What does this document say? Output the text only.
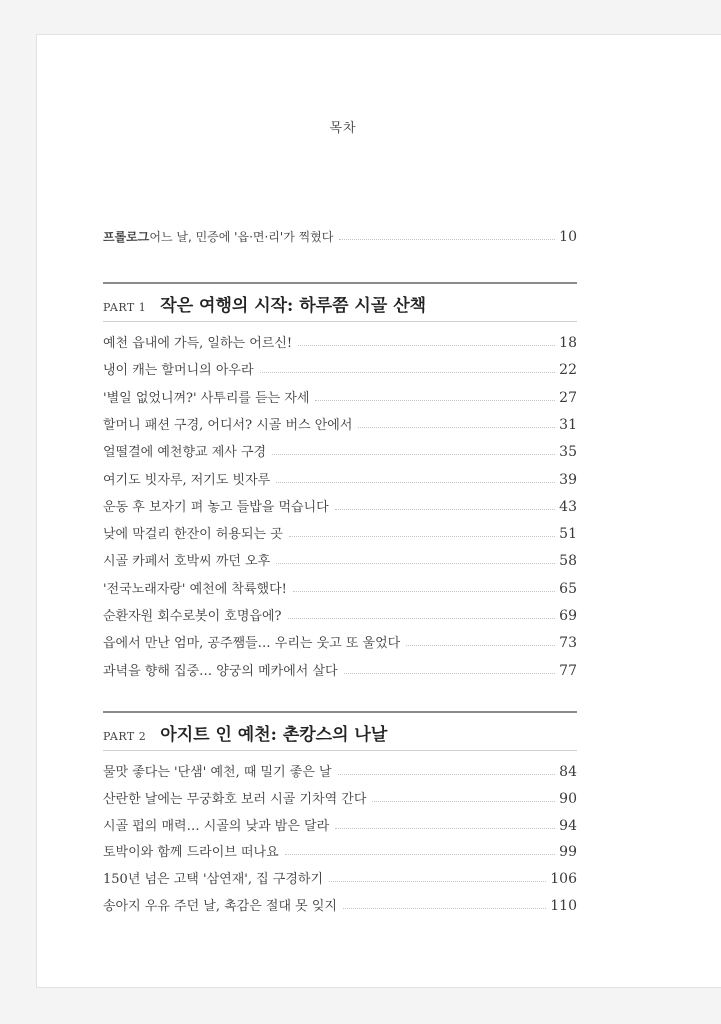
목차
프롤로그 어느 날, 민증에 '읍·면·리'가 찍혔다	10
PART 1 작은 여행의 시작: 하루쯤 시골 산책
예천 읍내에 가득, 일하는 어르신!	18
냉이 캐는 할머니의 아우라	22
'별일 없었니껴?' 사투리를 듣는 자세	27
할머니 패션 구경, 어디서? 시골 버스 안에서	31
얼떨결에 예천향교 제사 구경	35
여기도 빗자루, 저기도 빗자루	39
운동 후 보자기 펴 놓고 들밥을 먹습니다	43
낮에 막걸리 한잔이 허용되는 곳	51
시골 카페서 호박씨 까던 오후	58
'전국노래자랑' 예천에 착륙했다!	65
순환자원 회수로봇이 호명읍에?	69
읍에서 만난 엄마, 공주쨈들… 우리는 웃고 또 울었다	73
과녁을 향해 집중… 양궁의 메카에서 살다	77
PART 2 아지트 인 예천: 촌캉스의 나날
물맛 좋다는 '단샘' 예천, 때 밀기 좋은 날	84
산란한 날에는 무궁화호 보러 시골 기차역 간다	90
시골 펍의 매력… 시골의 낮과 밤은 달라	94
토박이와 함께 드라이브 떠나요	99
150년 넘은 고택 '삼연재', 집 구경하기	106
송아지 우유 주던 날, 촉감은 절대 못 잊지	110
